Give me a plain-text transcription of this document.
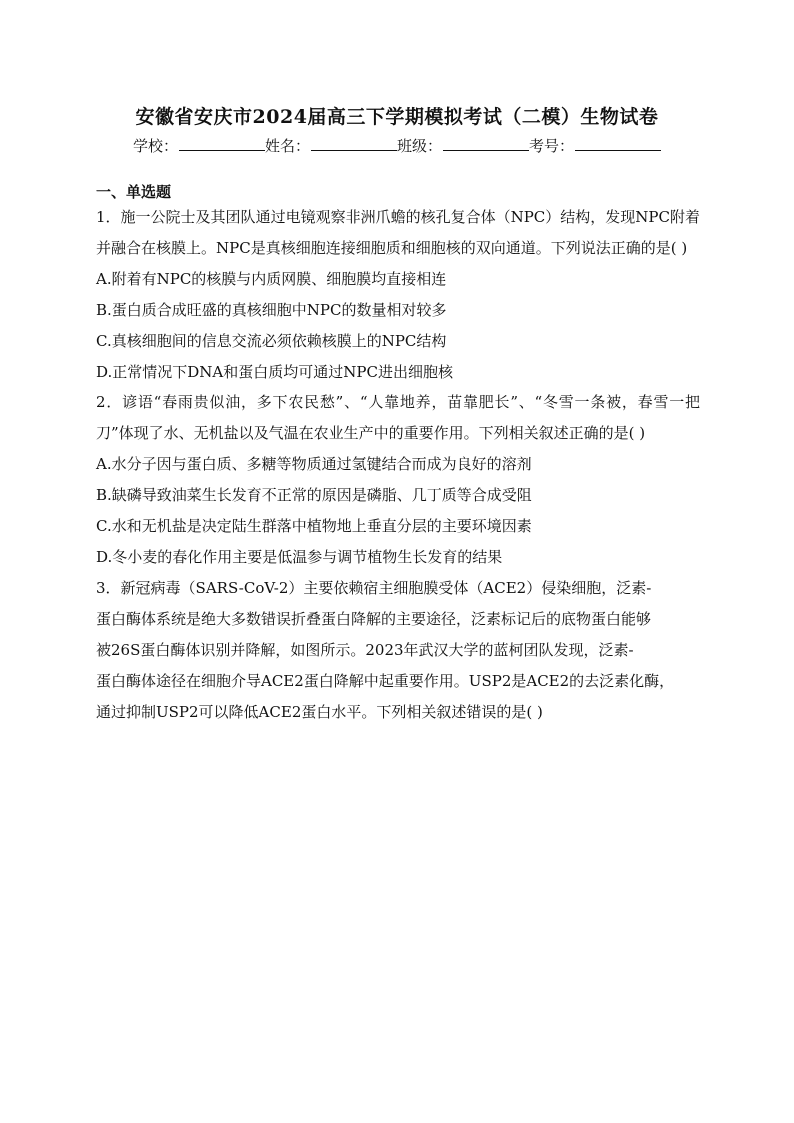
安徽省安庆市2024届高三下学期模拟考试（二模）生物试卷
学校：	姓名：	班级：	考号：
一、单选题

1．施一公院士及其团队通过电镜观察非洲爪蟾的核孔复合体（NPC）结构，发现NPC附着并融合在核膜上。NPC是真核细胞连接细胞质和细胞核的双向通道。下列说法正确的是( )

A.附着有NPC的核膜与内质网膜、细胞膜均直接相连

B.蛋白质合成旺盛的真核细胞中NPC的数量相对较多

C.真核细胞间的信息交流必须依赖核膜上的NPC结构

D.正常情况下DNA和蛋白质均可通过NPC进出细胞核

2．谚语“春雨贵似油，多下农民愁”、“人靠地养，苗靠肥长”、“冬雪一条被，春雪一把刀”体现了水、无机盐以及气温在农业生产中的重要作用。下列相关叙述正确的是( )

A.水分子因与蛋白质、多糖等物质通过氢键结合而成为良好的溶剂

B.缺磷导致油菜生长发育不正常的原因是磷脂、几丁质等合成受阻

C.水和无机盐是决定陆生群落中植物地上垂直分层的主要环境因素

D.冬小麦的春化作用主要是低温参与调节植物生长发育的结果

3．新冠病毒（SARS-CoV-2）主要依赖宿主细胞膜受体（ACE2）侵染细胞，泛素-

蛋白酶体系统是绝大多数错误折叠蛋白降解的主要途径，泛素标记后的底物蛋白能够

被26S蛋白酶体识别并降解，如图所示。2023年武汉大学的蓝柯团队发现，泛素-

蛋白酶体途径在细胞介导ACE2蛋白降解中起重要作用。USP2是ACE2的去泛素化酶，

通过抑制USP2可以降低ACE2蛋白水平。下列相关叙述错误的是( )
